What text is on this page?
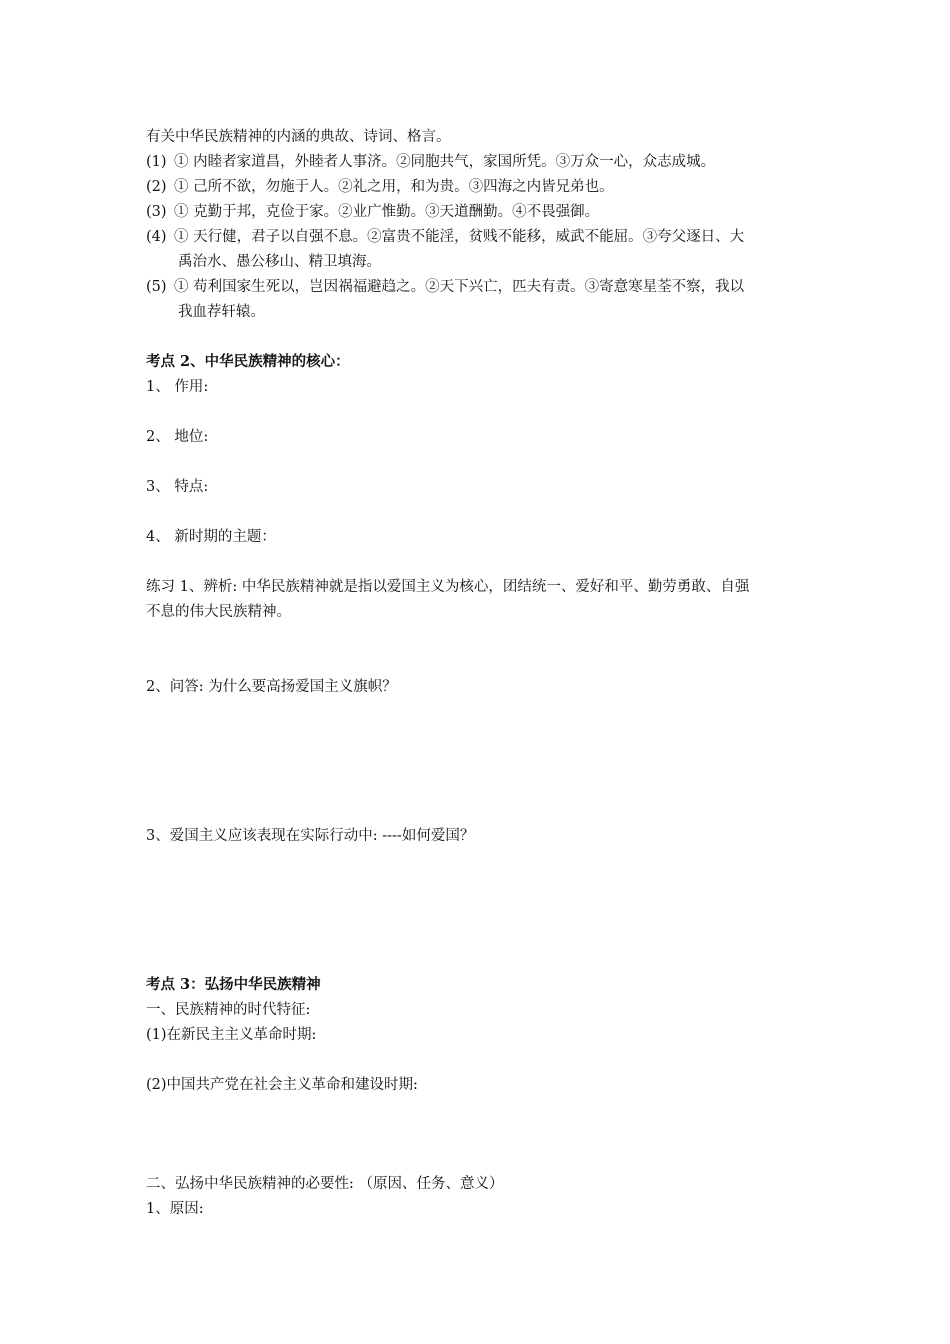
有关中华民族精神的内涵的典故、诗词、格言。
(1) ① 内睦者家道昌，外睦者人事济。②同胞共气，家国所凭。③万众一心，众志成城。
(2) ① 己所不欲，勿施于人。②礼之用，和为贵。③四海之内皆兄弟也。
(3) ① 克勤于邦，克俭于家。②业广惟勤。③天道酬勤。④不畏强御。
(4) ① 天行健，君子以自强不息。②富贵不能淫，贫贱不能移，威武不能屈。③夸父逐日、大
禹治水、愚公移山、精卫填海。
(5) ① 苟利国家生死以，岂因祸福避趋之。②天下兴亡，匹夫有责。③寄意寒星荃不察，我以
我血荐轩辕。
考点 2、中华民族精神的核心：
1、 作用:
2、 地位:
3、 特点:
4、 新时期的主题：
练习 1、辨析: 中华民族精神就是指以爱国主义为核心，团结统一、爱好和平、勤劳勇敢、自强
不息的伟大民族精神。
2、问答: 为什么要高扬爱国主义旗帜？
3、爱国主义应该表现在实际行动中: ----如何爱国？
考点 3：弘扬中华民族精神
一、民族精神的时代特征:
(1)在新民主主义革命时期:
(2)中国共产党在社会主义革命和建设时期:
二、弘扬中华民族精神的必要性: （原因、任务、意义）
1、原因:
